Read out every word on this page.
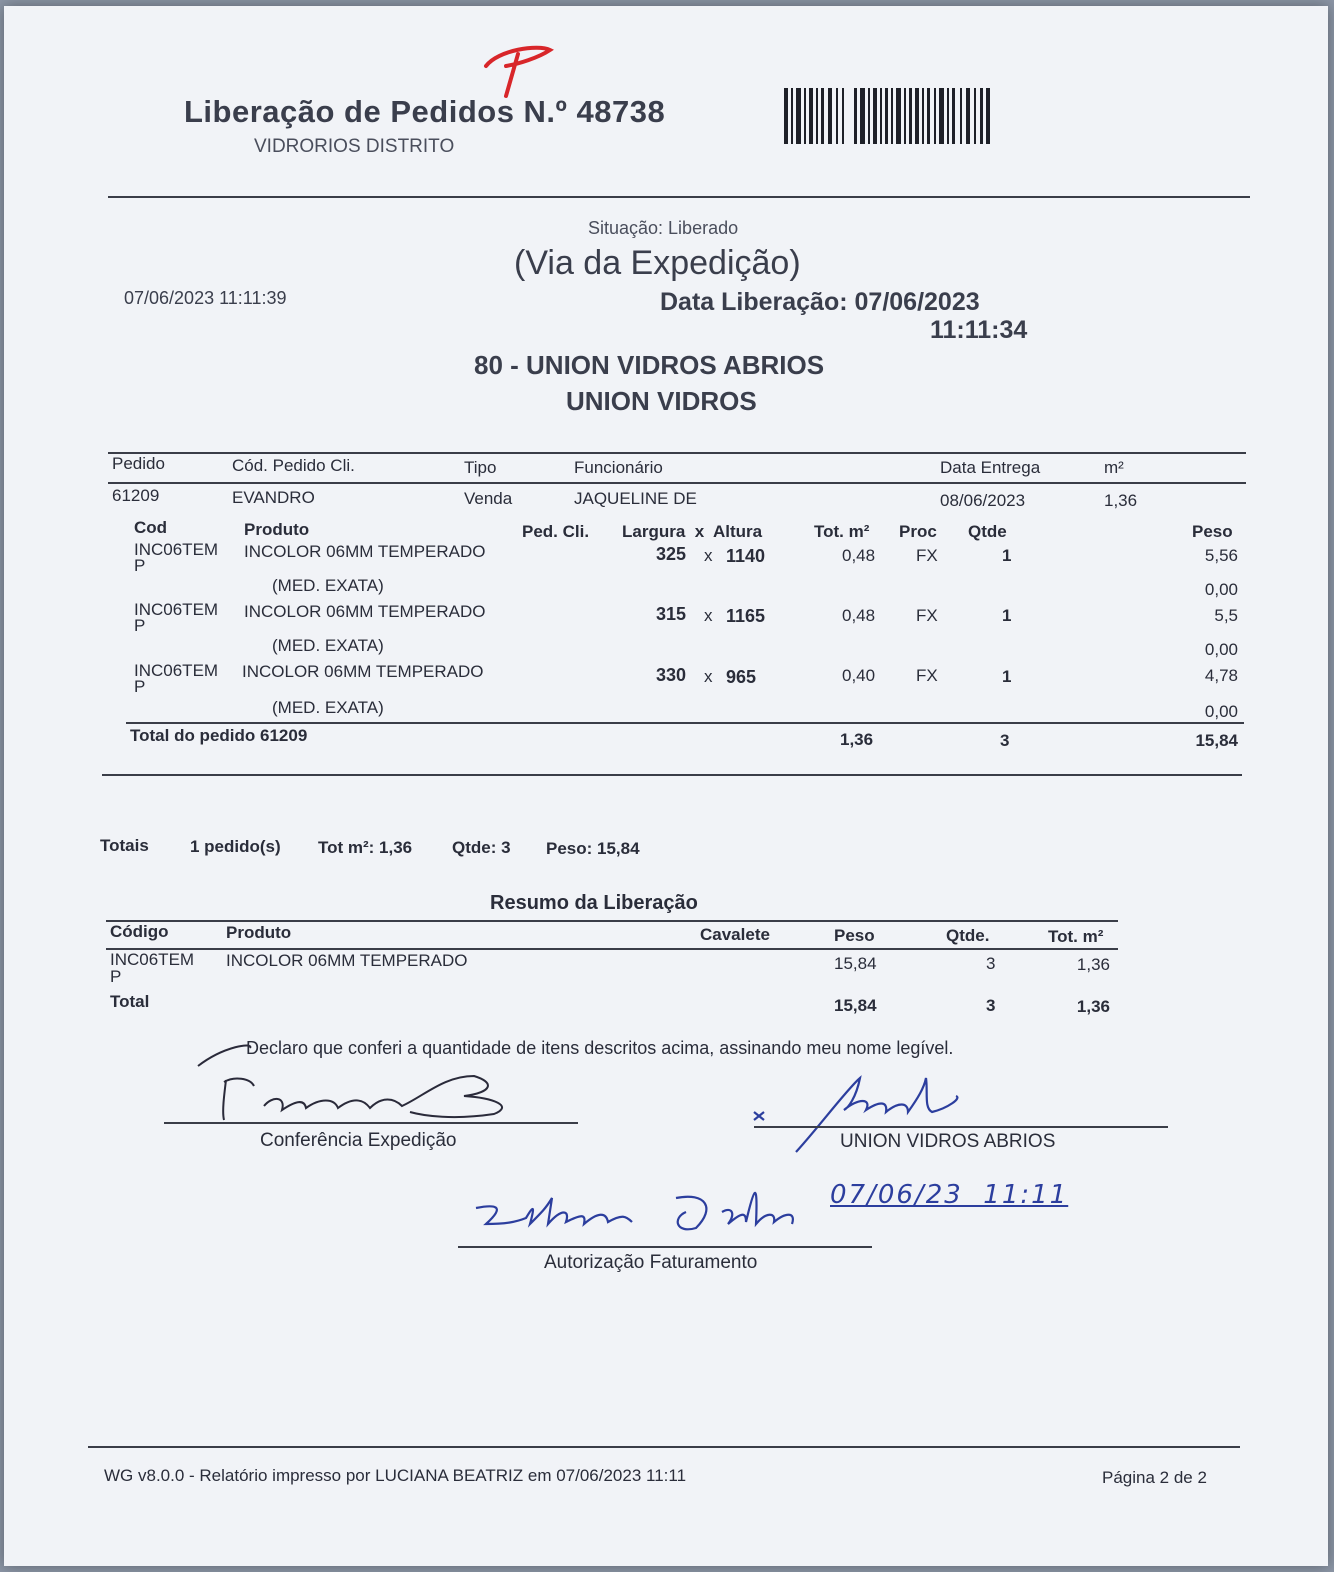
Liberação de Pedidos N.º 48738
VIDRORIOS DISTRITO
Situação: Liberado
(Via da Expedição)
07/06/2023 11:11:39	Data Liberação: 07/06/2023
11:11:34
80 - UNION VIDROS ABRIOS
UNION VIDROS
Pedido	Cód. Pedido Cli.	Tipo	Funcionário	Data Entrega	m²
61209	EVANDRO	Venda	JAQUELINE DE	08/06/2023	1,36
Cod	Produto	Ped. Cli. Largura  x  Altura	Tot. m² Proc Qtde	Peso
INC06TEM
P
INCOLOR 06MM TEMPERADO	325 x 1140	0,48 FX	1	5,56
(MED. EXATA)	0,00
INC06TEM
P
INCOLOR 06MM TEMPERADO	315 x 1165	0,48 FX	1	5,5
(MED. EXATA)	0,00
INC06TEM
P
INCOLOR 06MM TEMPERADO	330 x 965	0,40 FX	1	4,78
(MED. EXATA)	0,00
Total do pedido 61209	1,36	3	15,84
Totais 1 pedido(s) Tot m²: 1,36 Qtde: 3 Peso: 15,84
Resumo da Liberação
Código	Produto	Cavalete	Peso	Qtde.	Tot. m²
INC06TEM
P
INCOLOR 06MM TEMPERADO	15,84	3	1,36
Total	15,84	3	1,36
Declaro que conferi a quantidade de itens descritos acima, assinando meu nome legível.
Conferência Expedição	UNION VIDROS ABRIOS
07/06/23  11:11
Autorização Faturamento
WG v8.0.0 - Relatório impresso por LUCIANA BEATRIZ em 07/06/2023 11:11	Página 2 de 2
